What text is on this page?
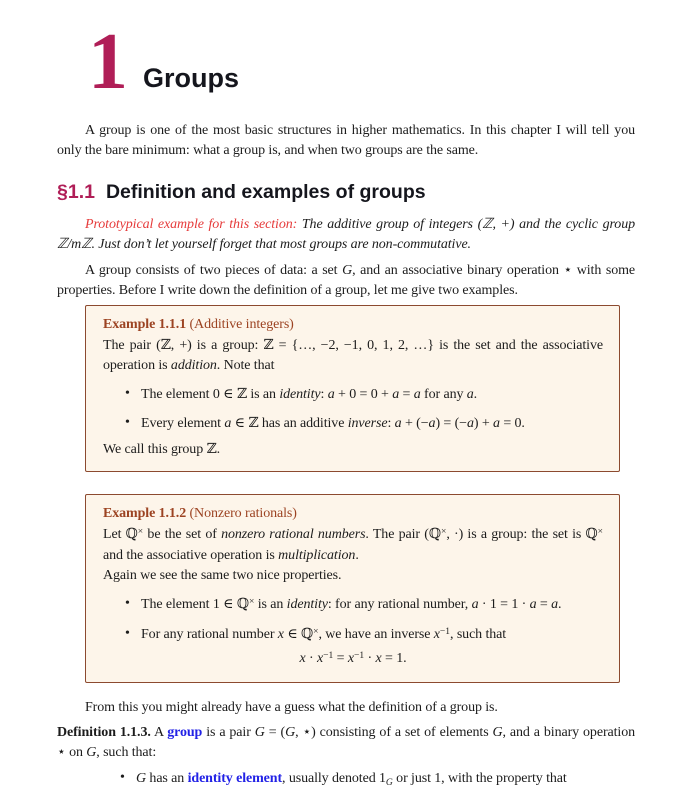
1 Groups

A group is one of the most basic structures in higher mathematics. In this chapter I will tell you only the bare minimum: what a group is, and when two groups are the same.

§1.1 Definition and examples of groups

Prototypical example for this section: The additive group of integers (ℤ, +) and the cyclic group ℤ/mℤ. Just don’t let yourself forget that most groups are non-commutative.

A group consists of two pieces of data: a set G, and an associative binary operation ⋆ with some properties. Before I write down the definition of a group, let me give two examples.

Example 1.1.1 (Additive integers)

The pair (ℤ, +) is a group: ℤ = {…, −2, −1, 0, 1, 2, …} is the set and the associative operation is addition. Note that

• The element 0 ∈ ℤ is an identity: a + 0 = 0 + a = a for any a.
• Every element a ∈ ℤ has an additive inverse: a + (−a) = (−a) + a = 0.

We call this group ℤ.

Example 1.1.2 (Nonzero rationals)

Let ℚ× be the set of nonzero rational numbers. The pair (ℚ×, ·) is a group: the set is ℚ× and the associative operation is multiplication.

Again we see the same two nice properties.

• The element 1 ∈ ℚ× is an identity: for any rational number, a · 1 = 1 · a = a.
• For any rational number x ∈ ℚ×, we have an inverse $x^{-1}$, such that
$x \cdot x^{-1} = x^{-1} \cdot x = 1$.

From this you might already have a guess what the definition of a group is.

Definition 1.1.3. A group is a pair G = (G, ⋆) consisting of a set of elements G, and a binary operation ⋆ on G, such that:

• G has an identity element, usually denoted $1_G$ or just 1, with the property that
